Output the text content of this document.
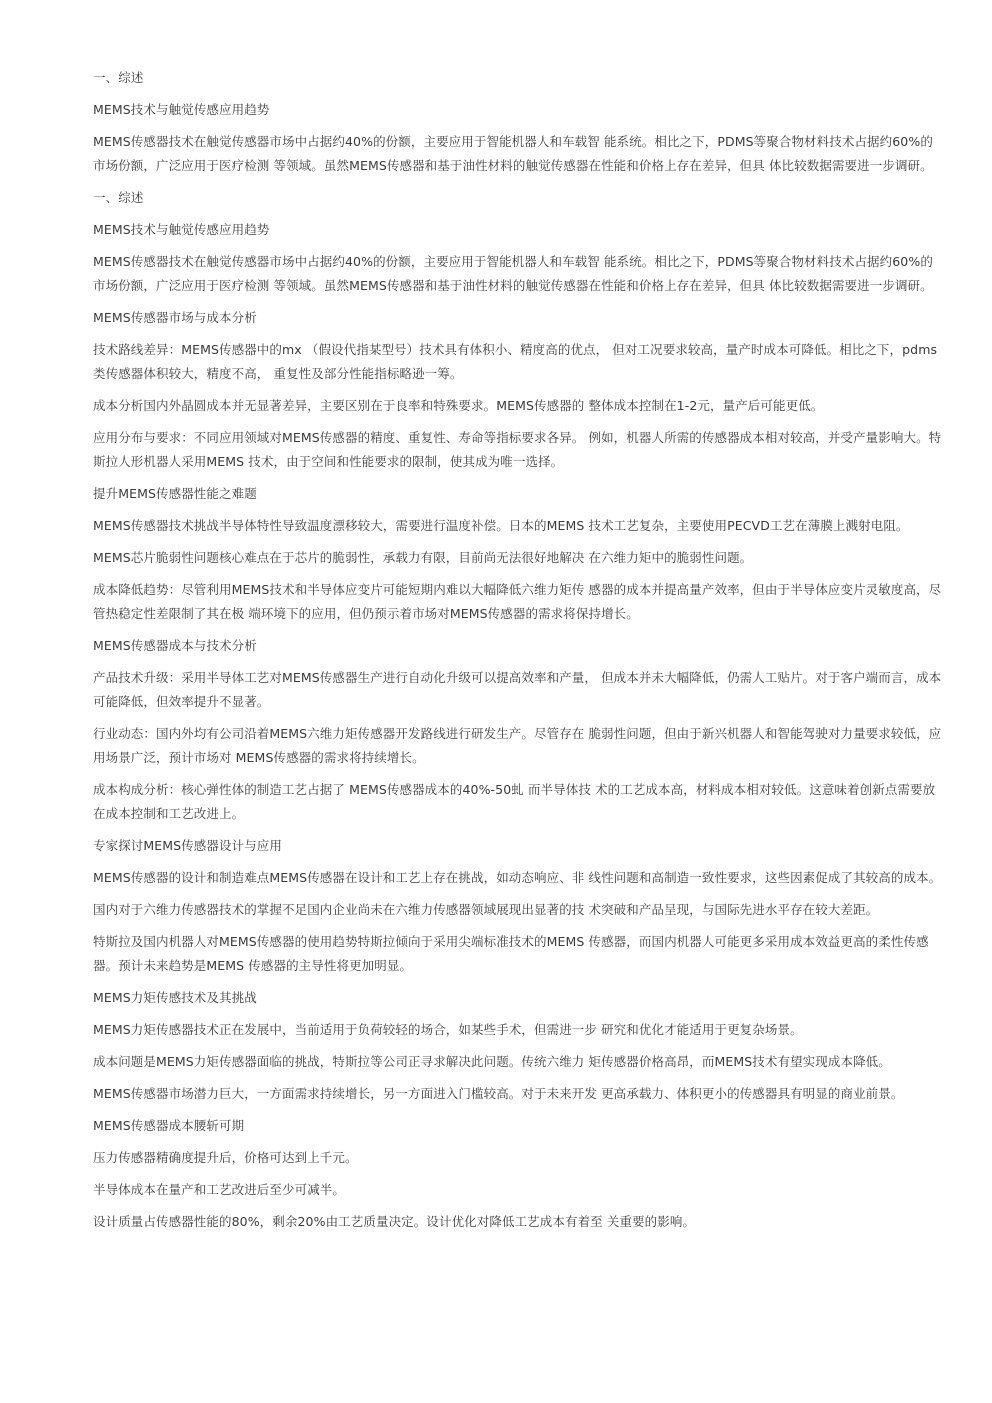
一、综述

MEMS技术与触觉传感应用趋势

MEMS传感器技术在触觉传感器市场中占据约40%的份额，主要应用于智能机器人和车载智 能系统。相比之下，PDMS等聚合物材料技术占据约60%的市场份额，广泛应用于医疗检测 等领域。虽然MEMS传感器和基于油性材料的触觉传感器在性能和价格上存在差异，但具 体比较数据需要进一步调研。

一、综述

MEMS技术与触觉传感应用趋势

MEMS传感器技术在触觉传感器市场中占据约40%的份额，主要应用于智能机器人和车载智 能系统。相比之下，PDMS等聚合物材料技术占据约60%的市场份额，广泛应用于医疗检测 等领域。虽然MEMS传感器和基于油性材料的触觉传感器在性能和价格上存在差异，但具 体比较数据需要进一步调研。

MEMS传感器市场与成本分析

技术路线差异：MEMS传感器中的mx （假设代指某型号）技术具有体积小、精度高的优点， 但对工况要求较高，量产时成本可降低。相比之下，pdms类传感器体积较大，精度不高， 重复性及部分性能指标略逊一筹。

成本分析国内外晶圆成本并无显著差异，主要区别在于良率和特殊要求。MEMS传感器的 整体成本控制在1-2元，量产后可能更低。

应用分布与要求：不同应用领域对MEMS传感器的精度、重复性、寿命等指标要求各异。 例如，机器人所需的传感器成本相对较高，并受产量影响大。特斯拉人形机器人采用MEMS 技术，由于空间和性能要求的限制，使其成为唯一选择。

提升MEMS传感器性能之难题

MEMS传感器技术挑战半导体特性导致温度漂移较大，需要进行温度补偿。日本的MEMS 技术工艺复杂，主要使用PECVD工艺在薄膜上溅射电阻。

MEMS芯片脆弱性问题核心难点在于芯片的脆弱性，承载力有限，目前尚无法很好地解决 在六维力矩中的脆弱性问题。

成本降低趋势：尽管利用MEMS技术和半导体应变片可能短期内难以大幅降低六维力矩传 感器的成本并提高量产效率，但由于半导体应变片灵敏度高，尽管热稳定性差限制了其在极 端环境下的应用，但仍预示着市场对MEMS传感器的需求将保持增长。

MEMS传感器成本与技术分析

产品技术升级：采用半导体工艺对MEMS传感器生产进行自动化升级可以提高效率和产量， 但成本并未大幅降低，仍需人工贴片。对于客户端而言，成本可能降低，但效率提升不显著。

行业动态：国内外均有公司沿着MEMS六维力矩传感器开发路线进行研发生产。尽管存在 脆弱性问题，但由于新兴机器人和智能驾驶对力量要求较低，应用场景广泛，预计市场对 MEMS传感器的需求将持续增长。

成本构成分析：核心弹性体的制造工艺占据了 MEMS传感器成本的40%-50虬 而半导体技 术的工艺成本高，材料成本相对较低。这意味着创新点需要放在成本控制和工艺改进上。

专家探讨MEMS传感器设计与应用

MEMS传感器的设计和制造难点MEMS传感器在设计和工艺上存在挑战，如动态响应、非 线性问题和高制造一致性要求，这些因素促成了其较高的成本。

国内对于六维力传感器技术的掌握不足国内企业尚未在六维力传感器领域展现出显著的技 术突破和产品呈现，与国际先进水平存在较大差距。

特斯拉及国内机器人对MEMS传感器的使用趋势特斯拉倾向于采用尖端标准技术的MEMS 传感器，而国内机器人可能更多采用成本效益更高的柔性传感器。预计未来趋势是MEMS 传感器的主导性将更加明显。

MEMS力矩传感技术及其挑战

MEMS力矩传感器技术正在发展中，当前适用于负荷较轻的场合，如某些手术，但需进一步 研究和优化才能适用于更复杂场景。

成本问题是MEMS力矩传感器面临的挑战，特斯拉等公司正寻求解决此问题。传统六维力 矩传感器价格高昂，而MEMS技术有望实现成本降低。

MEMS传感器市场潜力巨大，一方面需求持续增长，另一方面进入门槛较高。对于未来开发 更高承载力、体积更小的传感器具有明显的商业前景。

MEMS传感器成本腰斩可期

压力传感器精确度提升后，价格可达到上千元。

半导体成本在量产和工艺改进后至少可减半。

设计质量占传感器性能的80%，剩余20%由工艺质量决定。设计优化对降低工艺成本有着至 关重要的影响。
